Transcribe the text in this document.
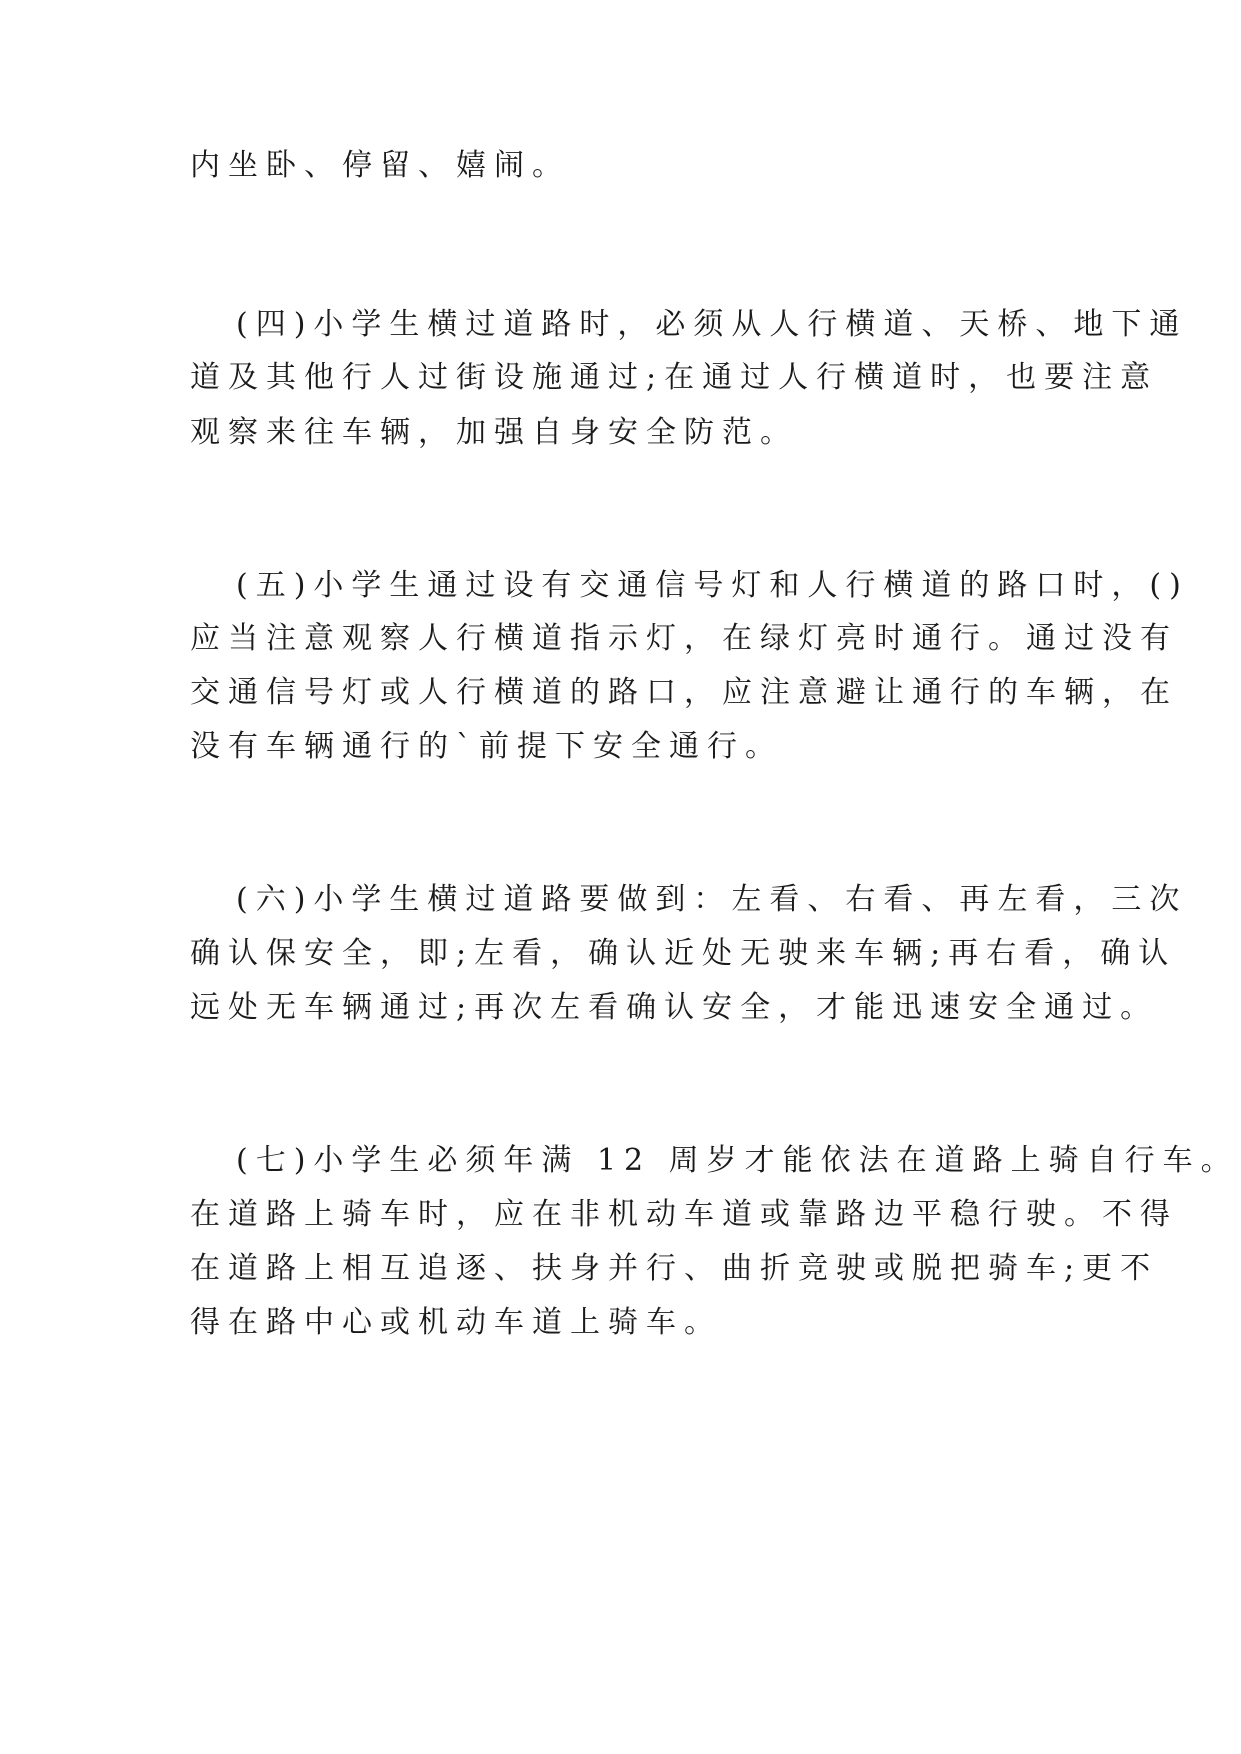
内坐卧、停留、嬉闹。
(四)小学生横过道路时，必须从人行横道、天桥、地下通
道及其他行人过街设施通过;在通过人行横道时，也要注意
观察来往车辆，加强自身安全防范。
(五)小学生通过设有交通信号灯和人行横道的路口时，()
应当注意观察人行横道指示灯，在绿灯亮时通行。通过没有
交通信号灯或人行横道的路口，应注意避让通行的车辆，在
没有车辆通行的`前提下安全通行。
(六)小学生横过道路要做到：左看、右看、再左看，三次
确认保安全，即;左看，确认近处无驶来车辆;再右看，确认
远处无车辆通过;再次左看确认安全，才能迅速安全通过。
(七)小学生必须年满 12 周岁才能依法在道路上骑自行车。
在道路上骑车时，应在非机动车道或靠路边平稳行驶。不得
在道路上相互追逐、扶身并行、曲折竞驶或脱把骑车;更不
得在路中心或机动车道上骑车。
